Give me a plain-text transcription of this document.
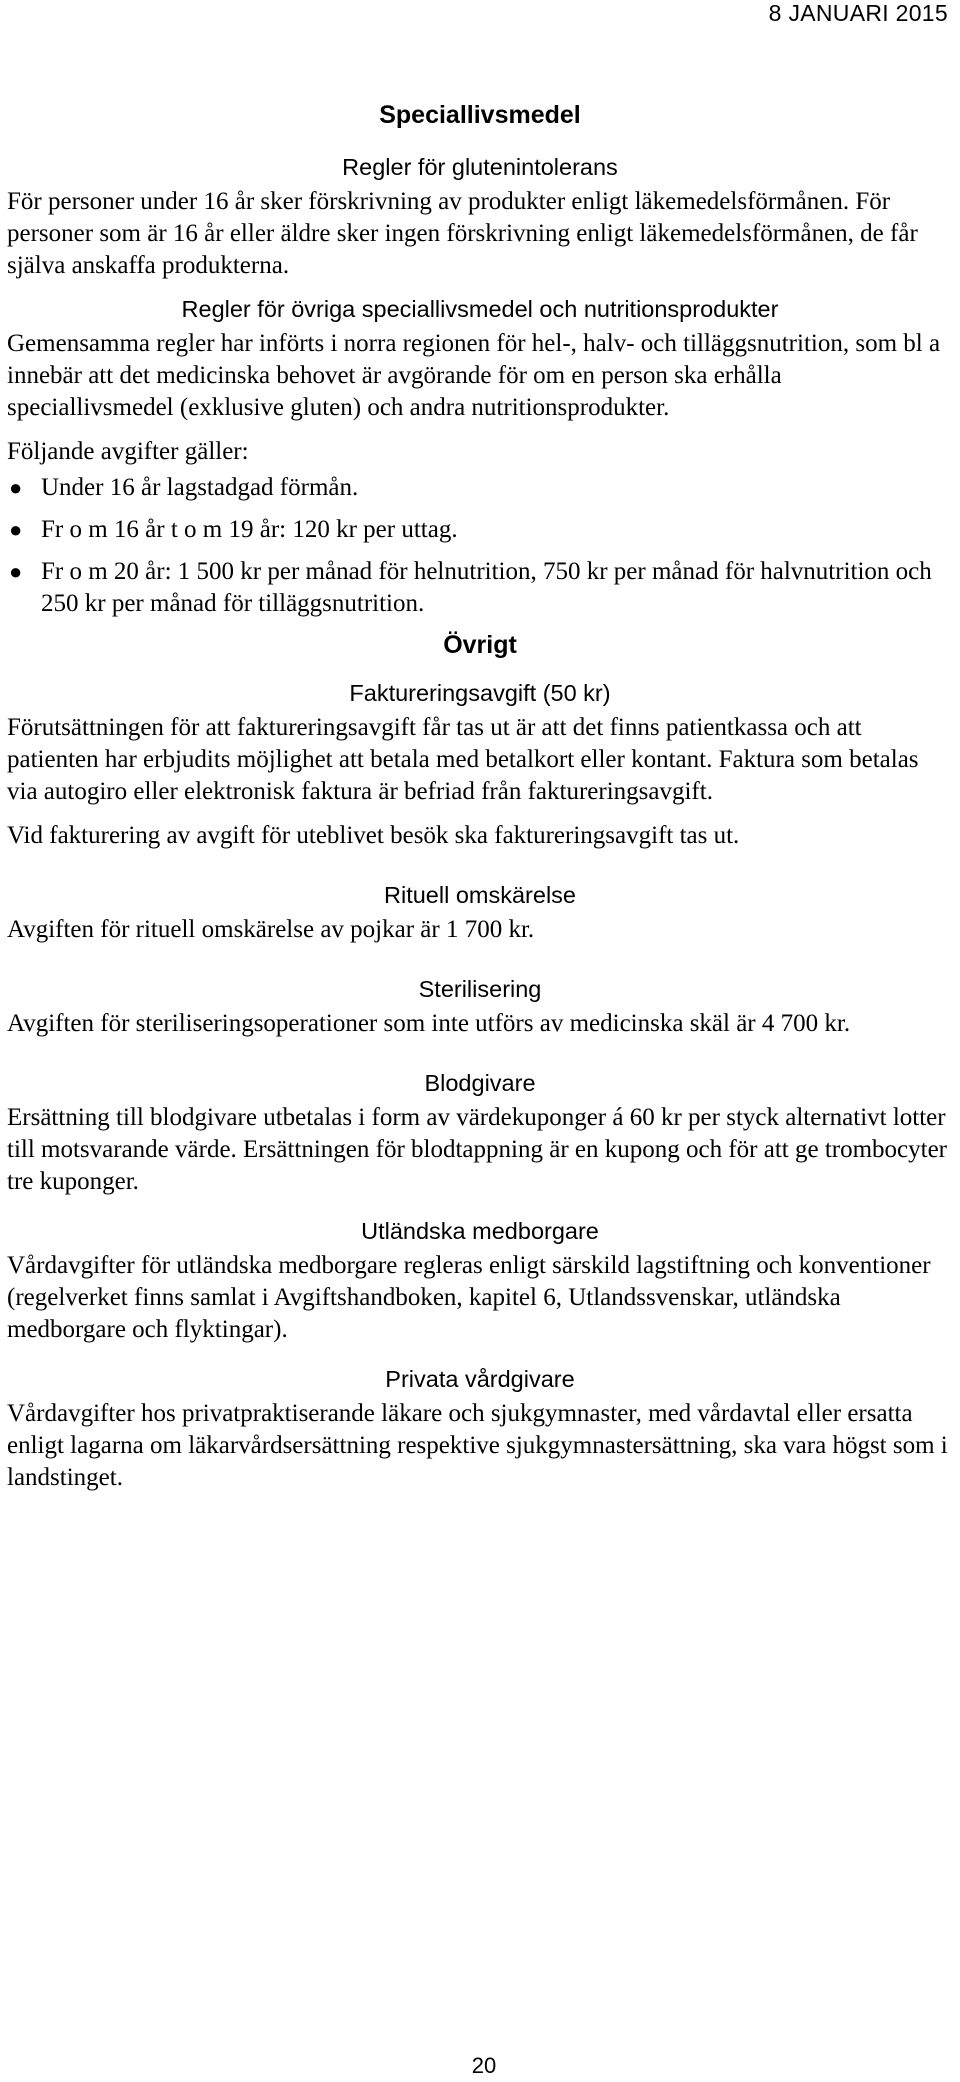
8 JANUARI 2015
Speciallivsmedel
Regler för glutenintolerans
För personer under 16 år sker förskrivning av produkter enligt läkemedelsförmånen. För personer som är 16 år eller äldre sker ingen förskrivning enligt läkemedelsförmånen, de får själva anskaffa produkterna.
Regler för övriga speciallivsmedel och nutritionsprodukter
Gemensamma regler har införts i norra regionen för hel-, halv- och tilläggsnutrition, som bl a innebär att det medicinska behovet är avgörande för om en person ska erhålla speciallivsmedel (exklusive gluten) och andra nutritionsprodukter.
Följande avgifter gäller:
● Under 16 år lagstadgad förmån.
● Fr o m 16 år t o m 19 år: 120 kr per uttag.
● Fr o m 20 år: 1 500 kr per månad för helnutrition, 750 kr per månad för halvnutrition och 250 kr per månad för tilläggsnutrition.
Övrigt
Faktureringsavgift (50 kr)
Förutsättningen för att faktureringsavgift får tas ut är att det finns patientkassa och att patienten har erbjudits möjlighet att betala med betalkort eller kontant. Faktura som betalas via autogiro eller elektronisk faktura är befriad från faktureringsavgift.
Vid fakturering av avgift för uteblivet besök ska faktureringsavgift tas ut.
Rituell omskärelse
Avgiften för rituell omskärelse av pojkar är 1 700 kr.
Sterilisering
Avgiften för steriliseringsoperationer som inte utförs av medicinska skäl är 4 700 kr.
Blodgivare
Ersättning till blodgivare utbetalas i form av värdekuponger á 60 kr per styck alternativt lotter till motsvarande värde. Ersättningen för blodtappning är en kupong och för att ge trombocyter tre kuponger.
Utländska medborgare
Vårdavgifter för utländska medborgare regleras enligt särskild lagstiftning och konventioner (regelverket finns samlat i Avgiftshandboken, kapitel 6, Utlandssvenskar, utländska medborgare och flyktingar).
Privata vårdgivare
Vårdavgifter hos privatpraktiserande läkare och sjukgymnaster, med vårdavtal eller ersatta enligt lagarna om läkarvårdsersättning respektive sjukgymnastersättning, ska vara högst som i landstinget.
20
